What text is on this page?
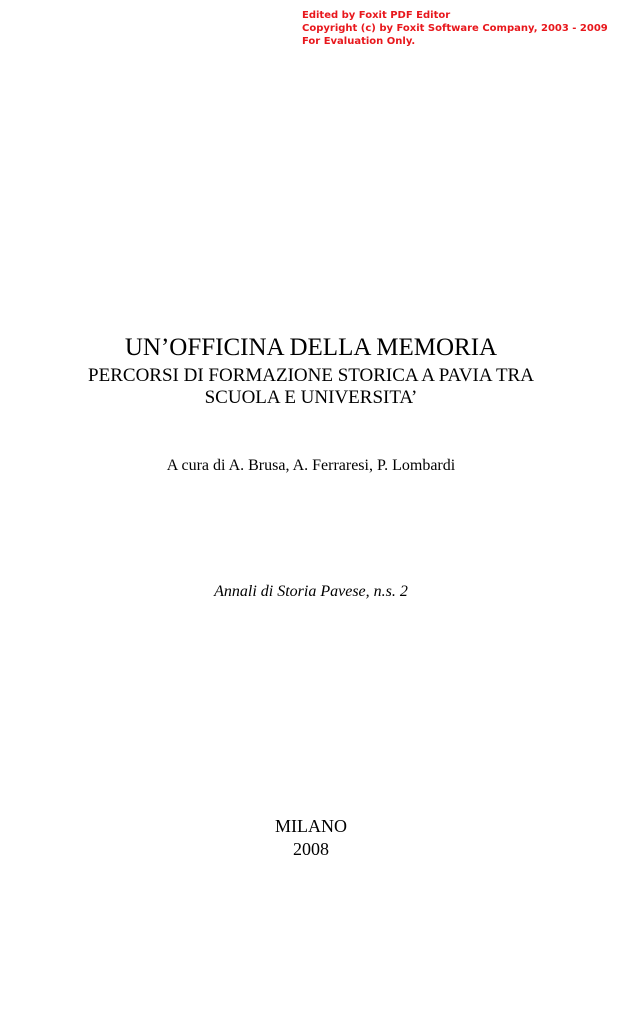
Edited by Foxit PDF Editor
Copyright (c) by Foxit Software Company, 2003 - 2009
For Evaluation Only.
UN’OFFICINA DELLA MEMORIA
PERCORSI DI FORMAZIONE STORICA A PAVIA TRA
SCUOLA E UNIVERSITA’
A cura di A. Brusa, A. Ferraresi, P. Lombardi
Annali di Storia Pavese, n.s. 2
MILANO
2008
